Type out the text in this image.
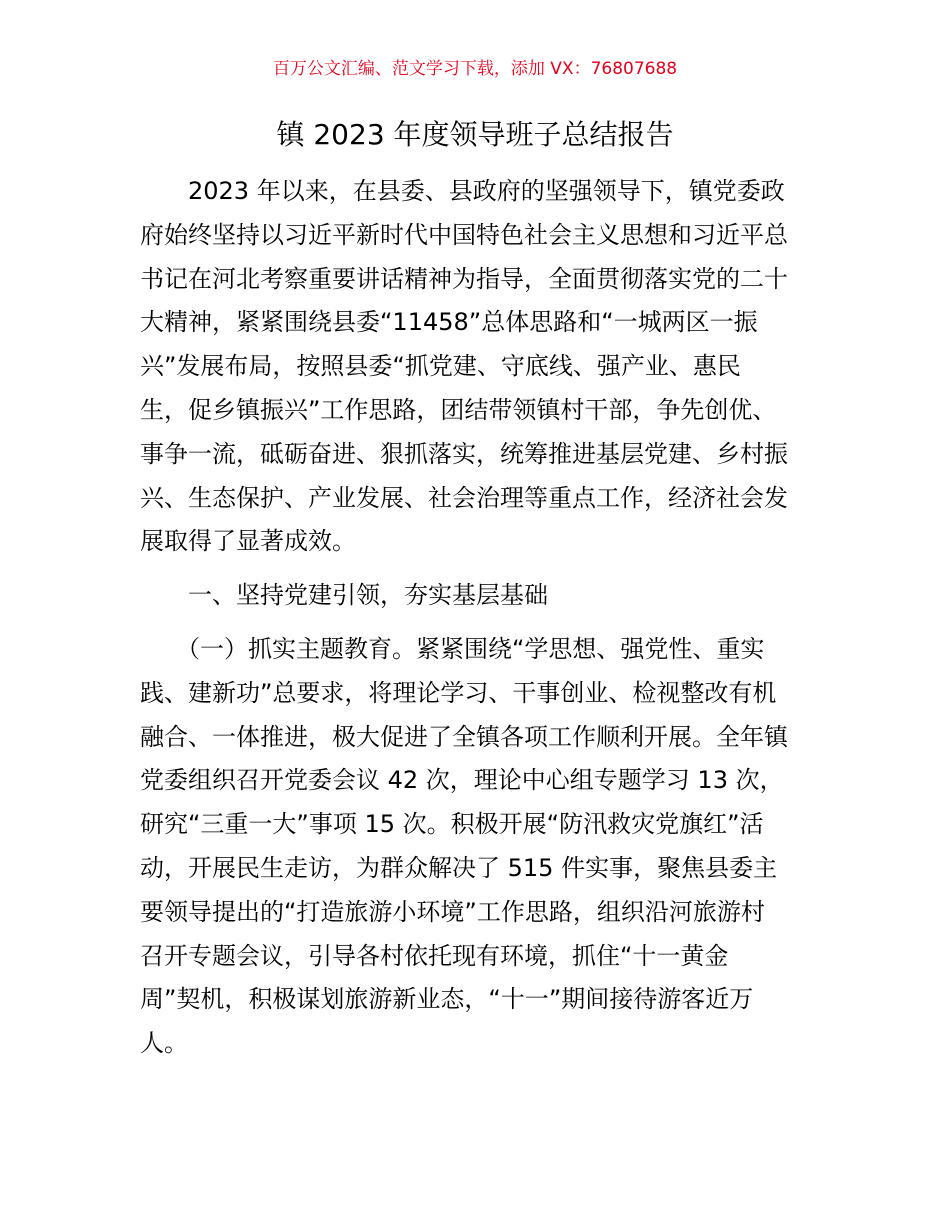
百万公文汇编、范文学习下载，添加 VX：76807688
镇 2023 年度领导班子总结报告
　　2023 年以来，在县委、县政府的坚强领导下，镇党委政
府始终坚持以习近平新时代中国特色社会主义思想和习近平总
书记在河北考察重要讲话精神为指导，全面贯彻落实党的二十
大精神，紧紧围绕县委“11458”总体思路和“一城两区一振
兴”发展布局，按照县委“抓党建、守底线、强产业、惠民
生，促乡镇振兴”工作思路，团结带领镇村干部，争先创优、
事争一流，砥砺奋进、狠抓落实，统筹推进基层党建、乡村振
兴、生态保护、产业发展、社会治理等重点工作，经济社会发
展取得了显著成效。
　　一、坚持党建引领，夯实基层基础
　　（一）抓实主题教育。紧紧围绕“学思想、强党性、重实
践、建新功”总要求，将理论学习、干事创业、检视整改有机
融合、一体推进，极大促进了全镇各项工作顺利开展。全年镇
党委组织召开党委会议 42 次，理论中心组专题学习 13 次，
研究“三重一大”事项 15 次。积极开展“防汛救灾党旗红”活
动，开展民生走访，为群众解决了 515 件实事，聚焦县委主
要领导提出的“打造旅游小环境”工作思路，组织沿河旅游村
召开专题会议，引导各村依托现有环境，抓住“十一黄金
周”契机，积极谋划旅游新业态，“十一”期间接待游客近万
人。
